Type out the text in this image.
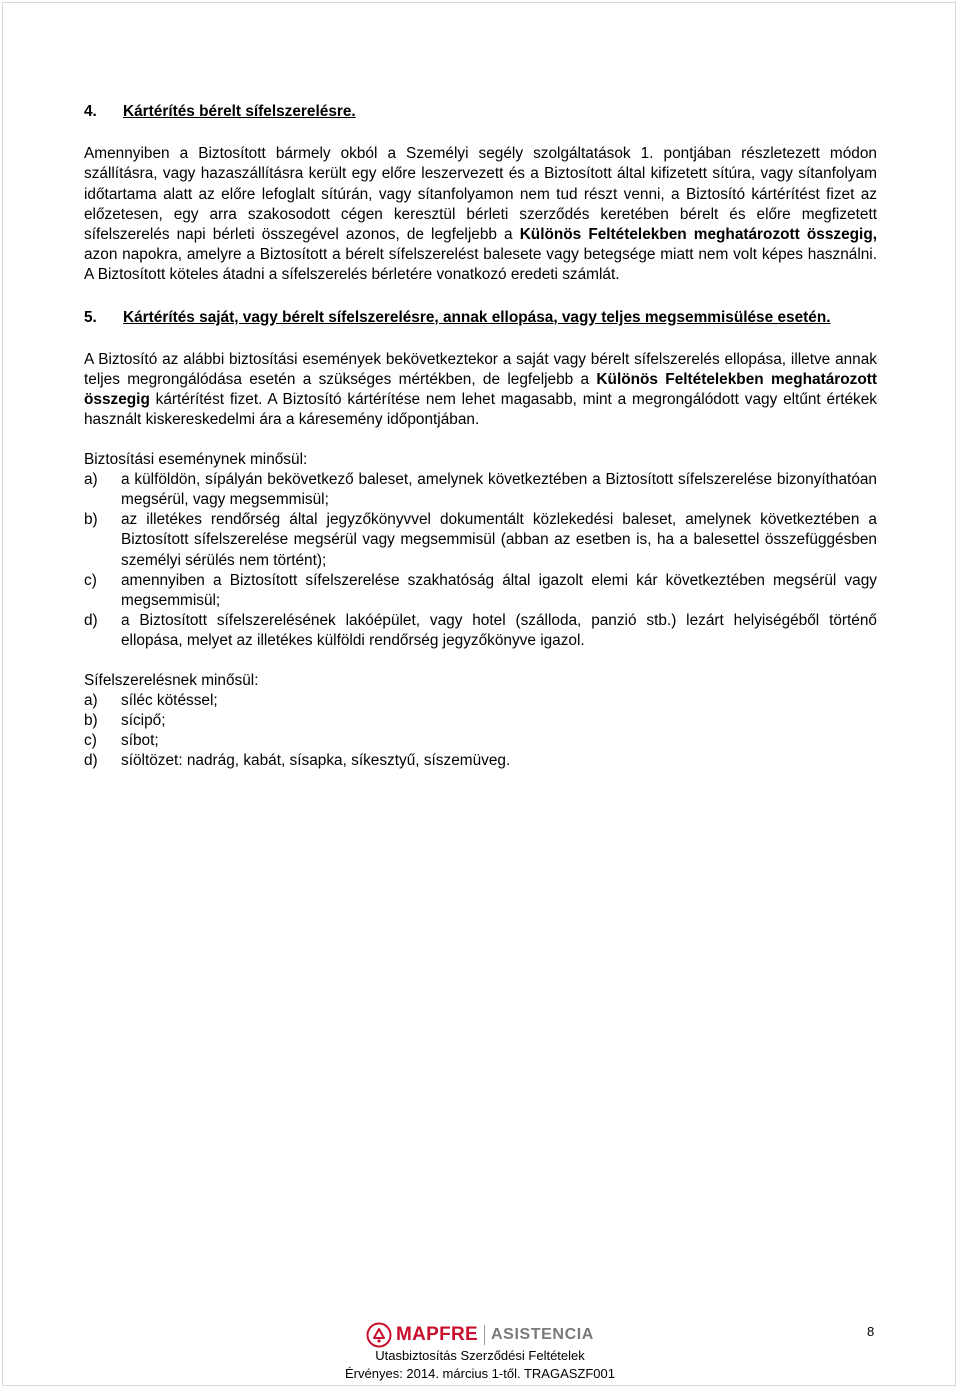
4.	Kártérítés bérelt sífelszerelésre.

Amennyiben a Biztosított bármely okból a Személyi segély szolgáltatások 1. pontjában részletezett módon szállításra, vagy hazaszállításra került egy előre leszervezett és a Biztosított által kifizetett sítúra, vagy sítanfolyam időtartama alatt az előre lefoglalt sítúrán, vagy sítanfolyamon nem tud részt venni, a Biztosító kártérítést fizet az előzetesen, egy arra szakosodott cégen keresztül bérleti szerződés keretében bérelt és előre megfizetett sífelszerelés napi bérleti összegével azonos, de legfeljebb a Különös Feltételekben meghatározott összegig, azon napokra, amelyre a Biztosított a bérelt sífelszerelést balesete vagy betegsége miatt nem volt képes használni. A Biztosított köteles átadni a sífelszerelés bérletére vonatkozó eredeti számlát.

5.	Kártérítés saját, vagy bérelt sífelszerelésre, annak ellopása, vagy teljes megsemmisülése esetén.

A Biztosító az alábbi biztosítási események bekövetkeztekor a saját vagy bérelt sífelszerelés ellopása, illetve annak teljes megrongálódása esetén a szükséges mértékben, de legfeljebb a Különös Feltételekben meghatározott összegig kártérítést fizet. A Biztosító kártérítése nem lehet magasabb, mint a megrongálódott vagy eltűnt értékek használt kiskereskedelmi ára a káresemény időpontjában.

Biztosítási eseménynek minősül:

a)	a külföldön, sípályán bekövetkező baleset, amelynek következtében a Biztosított sífelszerelése bizonyíthatóan megsérül, vagy megsemmisül;
b)	az illetékes rendőrség által jegyzőkönyvvel dokumentált közlekedési baleset, amelynek következtében a Biztosított sífelszerelése megsérül vagy megsemmisül (abban az esetben is, ha a balesettel összefüggésben személyi sérülés nem történt);
c)	amennyiben a Biztosított sífelszerelése szakhatóság által igazolt elemi kár következtében megsérül vagy megsemmisül;
d)	a Biztosított sífelszerelésének lakóépület, vagy hotel (szálloda, panzió stb.) lezárt helyiségéből történő ellopása, melyet az illetékes külföldi rendőrség jegyzőkönyve igazol.

Sífelszerelésnek minősül:

a)	síléc kötéssel;
b)	sícipő;
c)	síbot;
d)	síöltözet: nadrág, kabát, sísapka, síkesztyű, síszemüveg.
MAPFRE ASISTENCIA	8
Utasbiztosítás Szerződési Feltételek
Érvényes: 2014. március 1-től. TRAGASZF001
